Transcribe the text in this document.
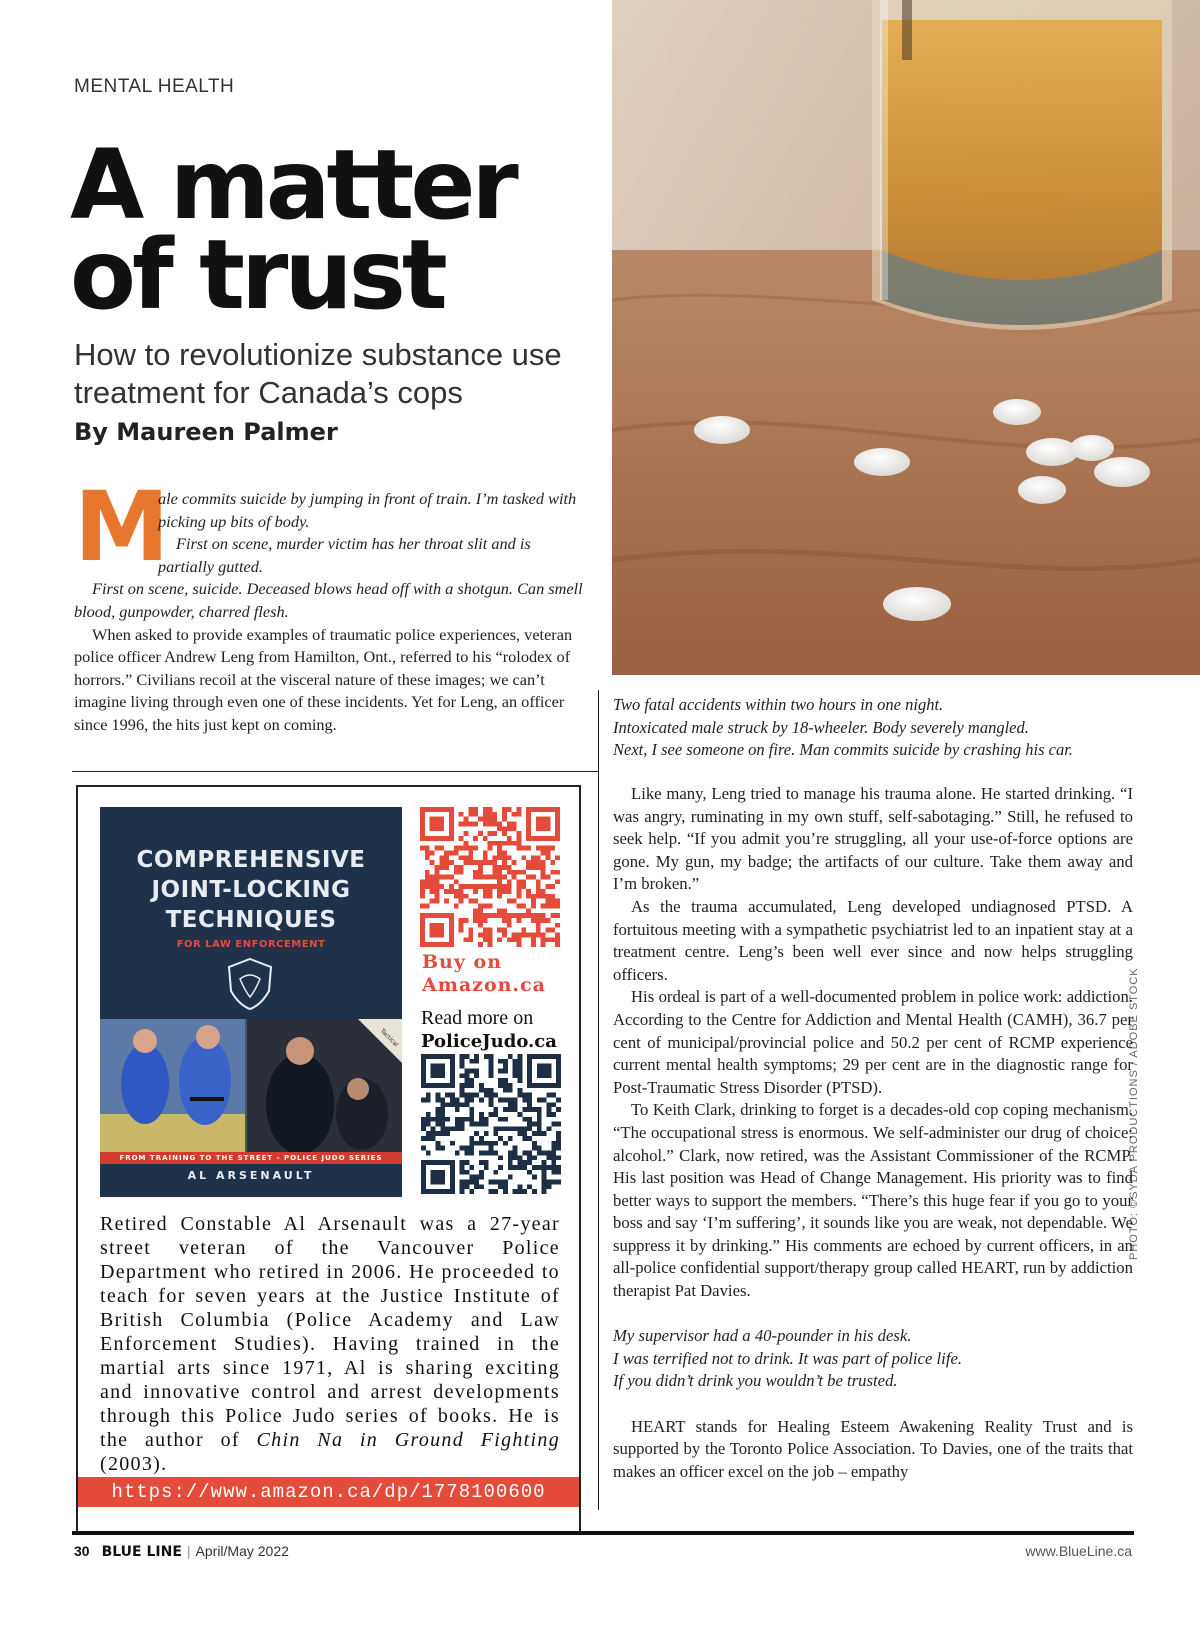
MENTAL HEALTH
A matter of trust
How to revolutionize substance use treatment for Canada’s cops
By Maureen Palmer
M

ale commits suicide by jumping in front of train. I’m tasked with picking up bits of body.

First on scene, murder victim has her throat slit and is partially gutted.

First on scene, suicide. Deceased blows head off with a shotgun. Can smell blood, gunpowder, charred flesh.

When asked to provide examples of traumatic police experiences, veteran police officer Andrew Leng from Hamilton, Ont., referred to his “rolodex of horrors.” Civilians recoil at the visceral nature of these images; we can’t imagine living through even one of these incidents. Yet for Leng, an officer since 1996, the hits just kept on coming.

PHOTO: ©SYDA PRODUCTIONS / ADOBE STOCK
Two fatal accidents within two hours in one night.
Intoxicated male struck by 18-wheeler. Body severely mangled.
Next, I see someone on fire. Man commits suicide by crashing his car.
COMPREHENSIVE JOINT-LOCKING TECHNIQUES
FOR LAW ENFORCEMENT
Tactical
FROM TRAINING TO THE STREET - POLICE JUDO SERIES
AL ARSENAULT
Buy on
Amazon.ca
Read more on
PoliceJudo.ca
Retired Constable Al Arsenault was a 27-year street veteran of the Vancouver Police Department who retired in 2006. He proceeded to teach for seven years at the Justice Institute of British Columbia (Police Academy and Law Enforcement Studies). Having trained in the martial arts since 1971, Al is sharing exciting and innovative control and arrest developments through this Police Judo series of books. He is the author of Chin Na in Ground Fighting (2003).
https://www.amazon.ca/dp/1778100600

Like many, Leng tried to manage his trauma alone. He started drinking. “I was angry, ruminating in my own stuff, self-sabotaging.” Still, he refused to seek help. “If you admit you’re struggling, all your use-of-force options are gone. My gun, my badge; the artifacts of our culture. Take them away and I’m broken.”

As the trauma accumulated, Leng developed undiagnosed PTSD. A fortuitous meeting with a sympathetic psychiatrist led to an inpatient stay at a treatment centre. Leng’s been well ever since and now helps struggling officers.

His ordeal is part of a well-documented problem in police work: addiction. According to the Centre for Addiction and Mental Health (CAMH), 36.7 per cent of municipal/provincial police and 50.2 per cent of RCMP experience current mental health symptoms; 29 per cent are in the diagnostic range for Post-Traumatic Stress Disorder (PTSD).

To Keith Clark, drinking to forget is a decades-old cop coping mechanism. “The occupational stress is enormous. We self-administer our drug of choice: alcohol.” Clark, now retired, was the Assistant Commissioner of the RCMP. His last position was Head of Change Management. His priority was to find better ways to support the members. “There’s this huge fear if you go to your boss and say ‘I’m suffering’, it sounds like you are weak, not dependable. We suppress it by drinking.” His comments are echoed by current officers, in an all-police confidential support/therapy group called HEART, run by addiction therapist Pat Davies.

My supervisor had a 40-pounder in his desk.
I was terrified not to drink. It was part of police life.
If you didn’t drink you wouldn’t be trusted.

HEART stands for Healing Esteem Awakening Reality Trust and is supported by the Toronto Police Association. To Davies, one of the traits that makes an officer excel on the job – empathy

30 BLUE LINE | April/May 2022	www.BlueLine.ca
